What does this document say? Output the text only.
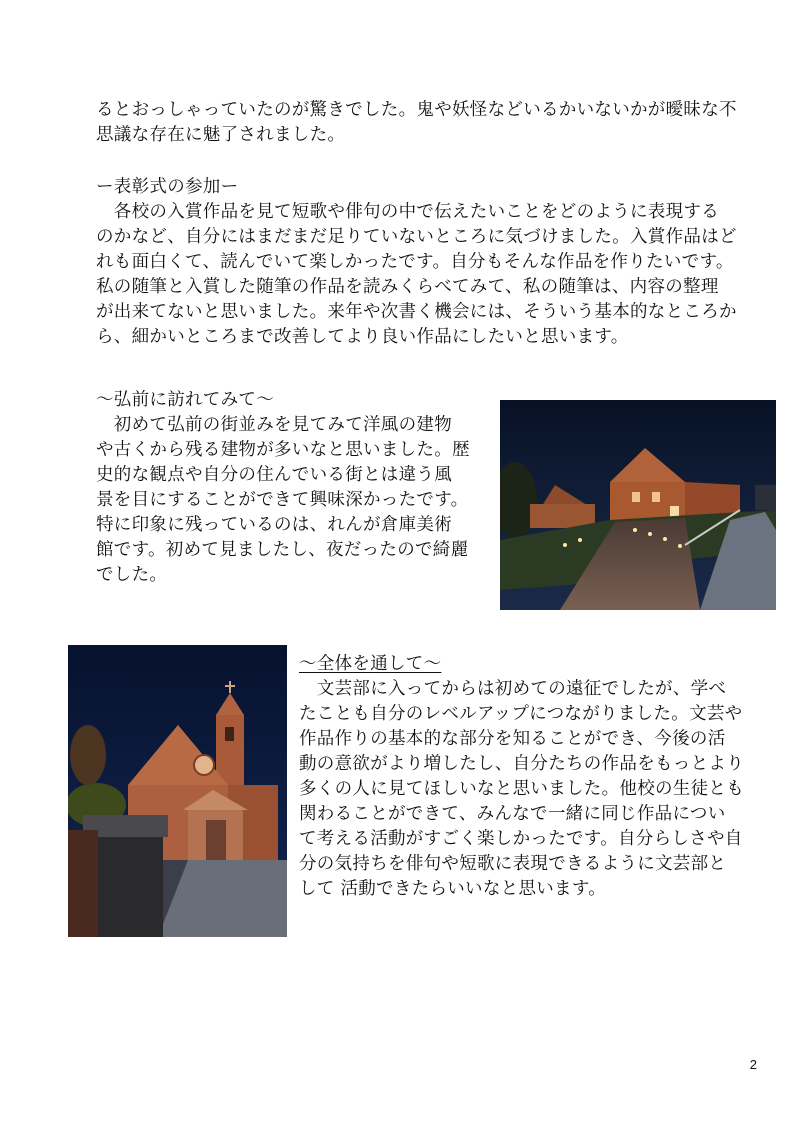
るとおっしゃっていたのが驚きでした。鬼や妖怪などいるかいないかが曖昧な不
思議な存在に魅了されました。
ー表彰式の参加ー
　各校の入賞作品を見て短歌や俳句の中で伝えたいことをどのように表現する
のかなど、自分にはまだまだ足りていないところに気づけました。入賞作品はど
れも面白くて、読んでいて楽しかったです。自分もそんな作品を作りたいです。
私の随筆と入賞した随筆の作品を読みくらべてみて、私の随筆は、内容の整理
が出来てないと思いました。来年や次書く機会には、そういう基本的なところか
ら、細かいところまで改善してより良い作品にしたいと思います。
～弘前に訪れてみて～
　初めて弘前の街並みを見てみて洋風の建物
や古くから残る建物が多いなと思いました。歴
史的な観点や自分の住んでいる街とは違う風
景を目にすることができて興味深かったです。
特に印象に残っているのは、れんが倉庫美術
館です。初めて見ましたし、夜だったので綺麗
でした。
～全体を通して～
　文芸部に入ってからは初めての遠征でしたが、学べ
たことも自分のレベルアップにつながりました。文芸や
作品作りの基本的な部分を知ることができ、今後の活
動の意欲がより増したし、自分たちの作品をもっとより
多くの人に見てほしいなと思いました。他校の生徒とも
関わることができて、みんなで一緒に同じ作品につい
て考える活動がすごく楽しかったです。自分らしさや自
分の気持ちを俳句や短歌に表現できるように文芸部と
して 活動できたらいいなと思います。
2
